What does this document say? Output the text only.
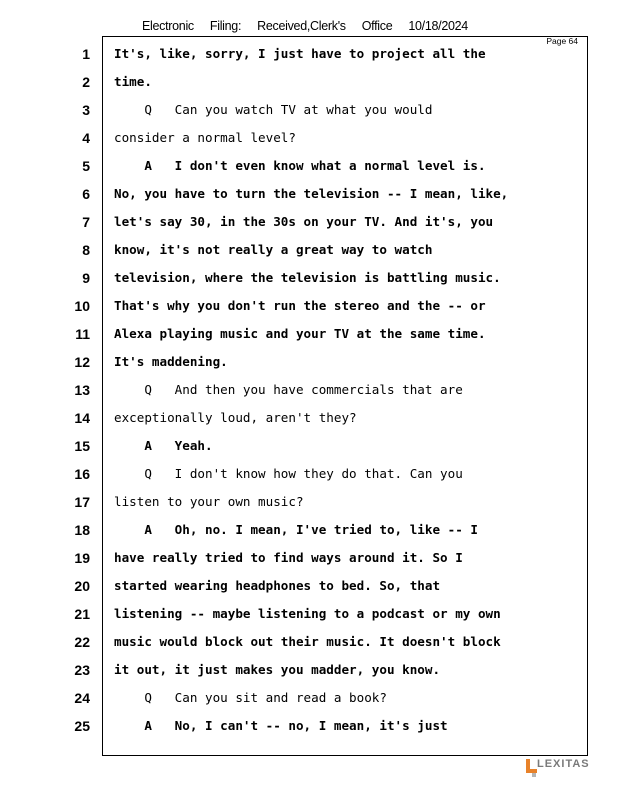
Electronic Filing: Received,Clerk's Office 10/18/2024
Page 64
1 It's, like, sorry, I just have to project all the
2 time.
3 Q   Can you watch TV at what you would
4 consider a normal level?
5 A   I don't even know what a normal level is.
6 No, you have to turn the television -- I mean, like,
7 let's say 30, in the 30s on your TV. And it's, you
8 know, it's not really a great way to watch
9 television, where the television is battling music.
10 That's why you don't run the stereo and the -- or
11 Alexa playing music and your TV at the same time.
12 It's maddening.
13 Q   And then you have commercials that are
14 exceptionally loud, aren't they?
15 A   Yeah.
16 Q   I don't know how they do that. Can you
17 listen to your own music?
18 A   Oh, no. I mean, I've tried to, like -- I
19 have really tried to find ways around it. So I
20 started wearing headphones to bed. So, that
21 listening -- maybe listening to a podcast or my own
22 music would block out their music. It doesn't block
23 it out, it just makes you madder, you know.
24 Q   Can you sit and read a book?
25 A   No, I can't -- no, I mean, it's just
LEXITAS
